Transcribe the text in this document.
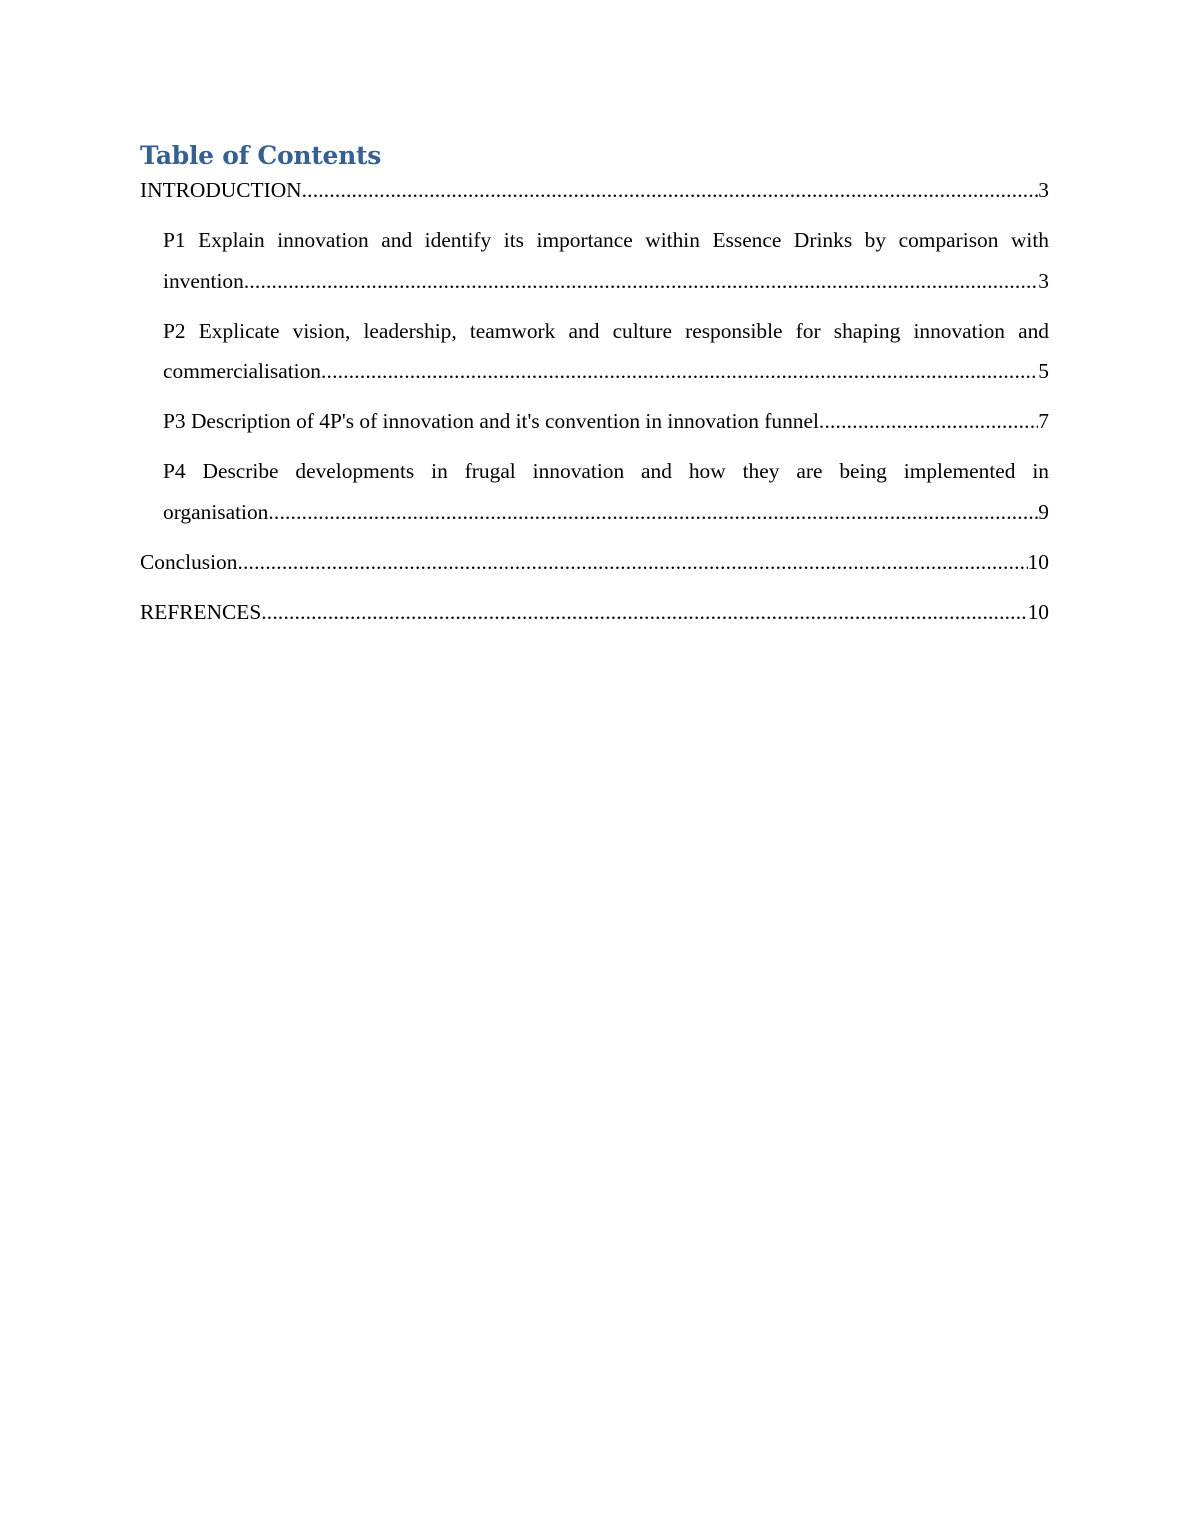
Table of Contents
INTRODUCTION .....	3
P1 Explain innovation and identify its importance within Essence Drinks by comparison with
invention .....	3
P2 Explicate vision, leadership, teamwork and culture responsible for shaping innovation and
commercialisation .....	5
P3 Description of 4P's of innovation and it's convention in innovation funnel .....	7
P4 Describe developments in frugal innovation and how they are being implemented in
organisation .....	9
Conclusion .....	10
REFRENCES .....	10
